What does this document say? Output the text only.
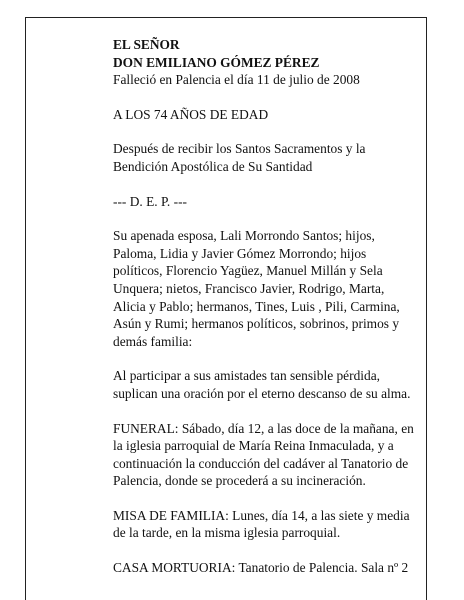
EL SEÑOR

DON EMILIANO GÓMEZ PÉREZ

Falleció en Palencia el día 11 de julio de 2008

A LOS 74 AÑOS DE EDAD

Después de recibir los Santos Sacramentos y la

Bendición Apostólica de Su Santidad

--- D. E. P. ---

Su apenada esposa, Lali Morrondo Santos; hijos,

Paloma, Lidia y Javier Gómez Morrondo; hijos

políticos, Florencio Yagüez, Manuel Millán y Sela

Unquera; nietos, Francisco Javier, Rodrigo, Marta,

Alicia y Pablo; hermanos, Tines, Luis , Pili, Carmina,

Asún y Rumi; hermanos políticos, sobrinos, primos y

demás familia:

Al participar a sus amistades tan sensible pérdida,

suplican una oración por el eterno descanso de su alma.

FUNERAL: Sábado, día 12, a las doce de la mañana, en

la iglesia parroquial de María Reina Inmaculada, y a

continuación la conducción del cadáver al Tanatorio de

Palencia, donde se procederá a su incineración.

MISA DE FAMILIA: Lunes, día 14, a las siete y media

de la tarde, en la misma iglesia parroquial.

CASA MORTUORIA: Tanatorio de Palencia. Sala nº 2
